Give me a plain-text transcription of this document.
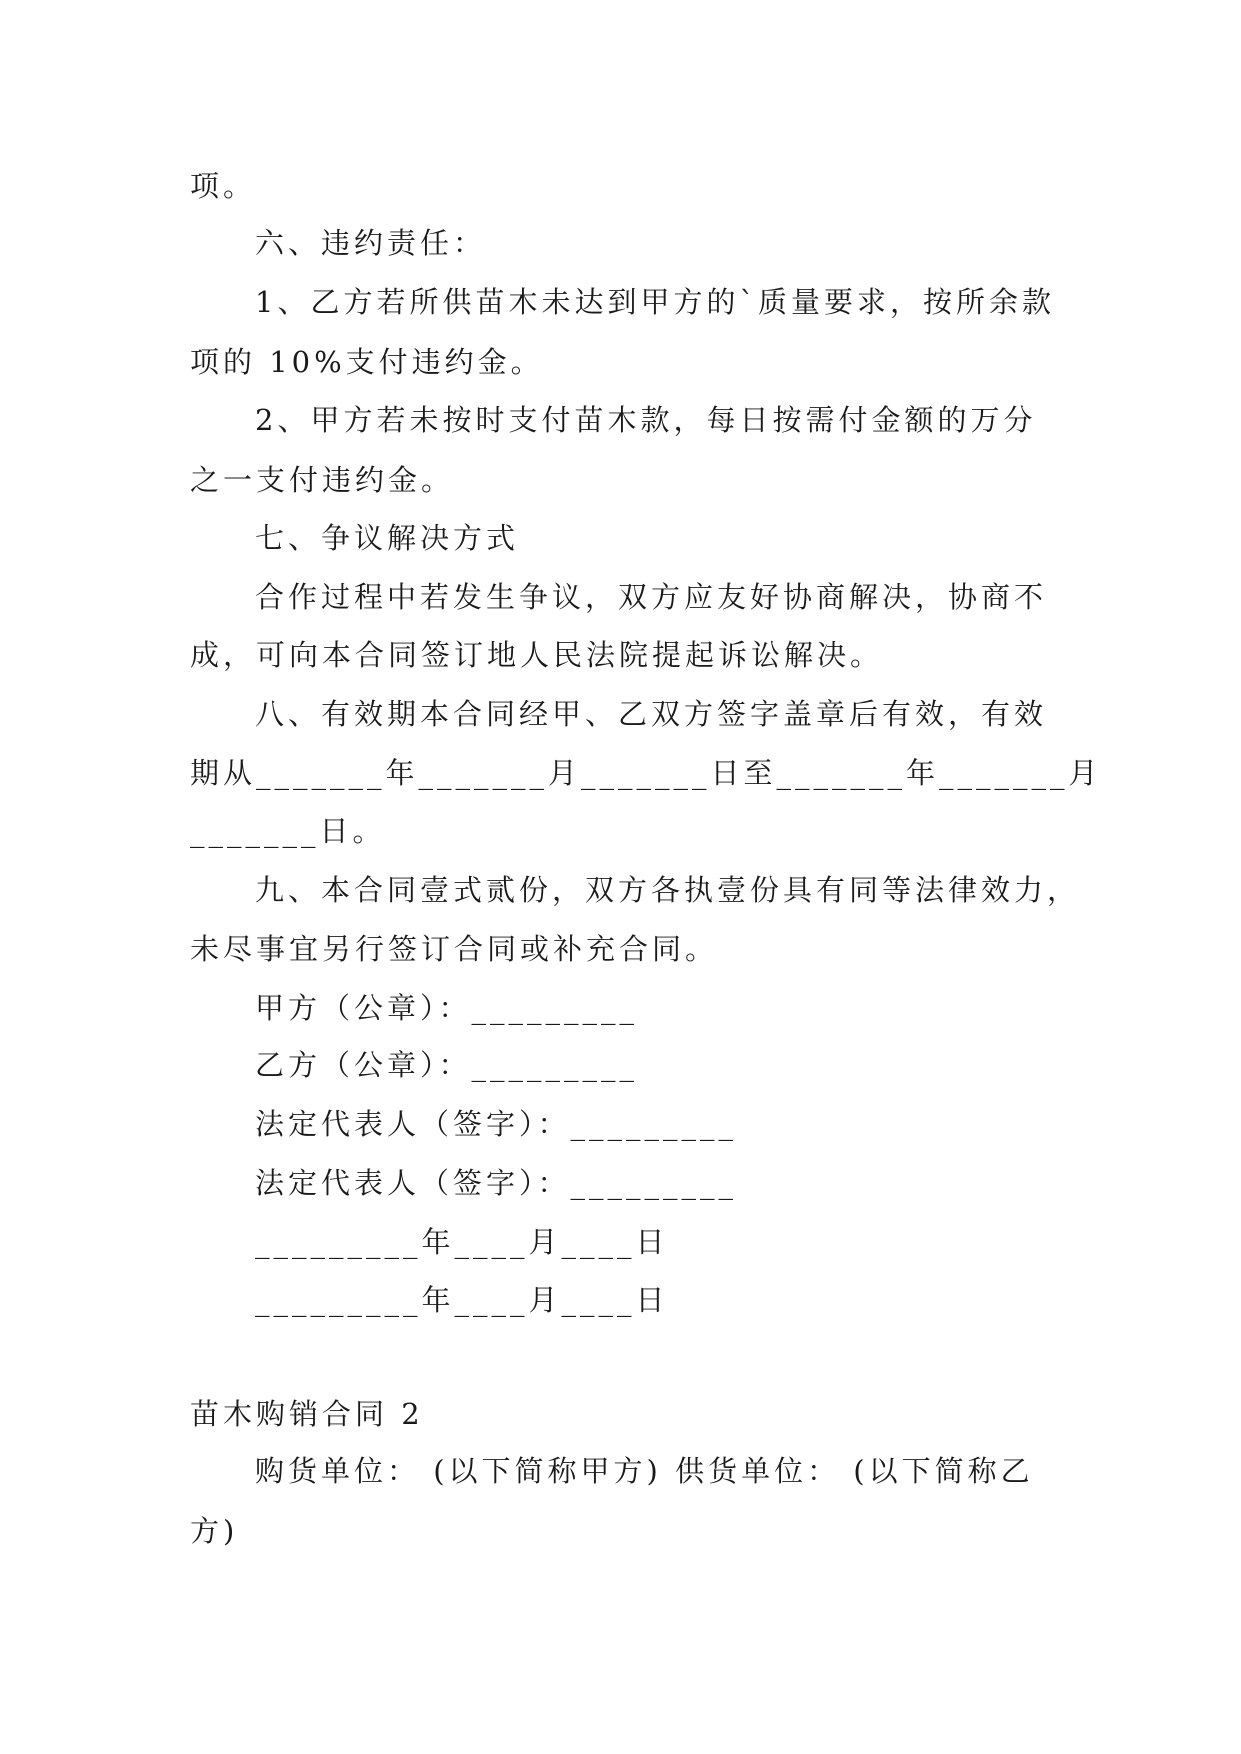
项。
六、违约责任：
1、乙方若所供苗木未达到甲方的`质量要求，按所余款
项的 10%支付违约金。
2、甲方若未按时支付苗木款，每日按需付金额的万分
之一支付违约金。
七、争议解决方式
合作过程中若发生争议，双方应友好协商解决，协商不
成，可向本合同签订地人民法院提起诉讼解决。
八、有效期本合同经甲、乙双方签字盖章后有效，有效
期从_______年_______月_______日至_______年_______月
_______日。
九、本合同壹式贰份，双方各执壹份具有同等法律效力，
未尽事宜另行签订合同或补充合同。
甲方（公章）：_________
乙方（公章）：_________
法定代表人（签字）：_________
法定代表人（签字）：_________
_________年____月____日
_________年____月____日
苗木购销合同 2
购货单位： (以下简称甲方) 供货单位： (以下简称乙
方)
